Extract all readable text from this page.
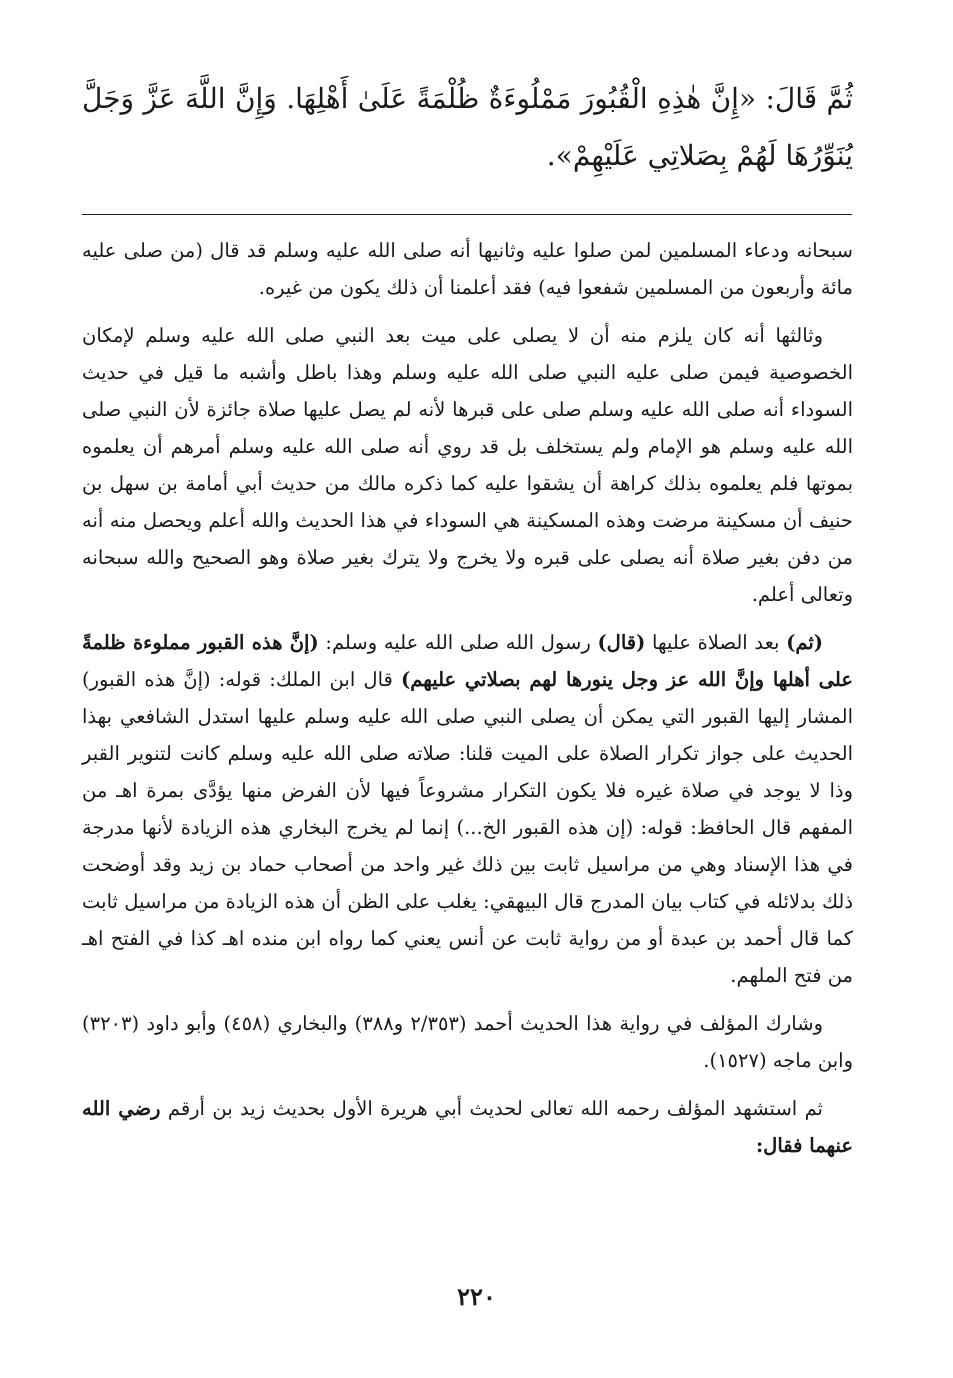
ثُمَّ قَالَ: «إِنَّ هٰذِهِ الْقُبُورَ مَمْلُوءَةٌ ظُلْمَةً عَلَىٰ أَهْلِهَا. وَإِنَّ اللَّهَ عَزَّ وَجَلَّ يُنَوِّرُهَا لَهُمْ بِصَلاتِي عَلَيْهِمْ».

سبحانه ودعاء المسلمين لمن صلوا عليه وثانيها أنه صلى الله عليه وسلم قد قال (من صلى عليه مائة وأربعون من المسلمين شفعوا فيه) فقد أعلمنا أن ذلك يكون من غيره.

وثالثها أنه كان يلزم منه أن لا يصلى على ميت بعد النبي صلى الله عليه وسلم لإمكان الخصوصية فيمن صلى عليه النبي صلى الله عليه وسلم وهذا باطل وأشبه ما قيل في حديث السوداء أنه صلى الله عليه وسلم صلى على قبرها لأنه لم يصل عليها صلاة جائزة لأن النبي صلى الله عليه وسلم هو الإمام ولم يستخلف بل قد روي أنه صلى الله عليه وسلم أمرهم أن يعلموه بموتها فلم يعلموه بذلك كراهة أن يشقوا عليه كما ذكره مالك من حديث أبي أمامة بن سهل بن حنيف أن مسكينة مرضت وهذه المسكينة هي السوداء في هذا الحديث والله أعلم ويحصل منه أنه من دفن بغير صلاة أنه يصلى على قبره ولا يخرج ولا يترك بغير صلاة وهو الصحيح والله سبحانه وتعالى أعلم.

(ثم) بعد الصلاة عليها (قال) رسول الله صلى الله عليه وسلم: (إنَّ هذه القبور مملوءة ظلمةً على أهلها وإنَّ الله عز وجل ينورها لهم بصلاتي عليهم) قال ابن الملك: قوله: (إنَّ هذه القبور) المشار إليها القبور التي يمكن أن يصلى النبي صلى الله عليه وسلم عليها استدل الشافعي بهذا الحديث على جواز تكرار الصلاة على الميت قلنا: صلاته صلى الله عليه وسلم كانت لتنوير القبر وذا لا يوجد في صلاة غيره فلا يكون التكرار مشروعاً فيها لأن الفرض منها يؤدَّى بمرة اهـ من المفهم قال الحافظ: قوله: (إن هذه القبور الخ...) إنما لم يخرج البخاري هذه الزيادة لأنها مدرجة في هذا الإسناد وهي من مراسيل ثابت بين ذلك غير واحد من أصحاب حماد بن زيد وقد أوضحت ذلك بدلائله في كتاب بيان المدرج قال البيهقي: يغلب على الظن أن هذه الزيادة من مراسيل ثابت كما قال أحمد بن عبدة أو من رواية ثابت عن أنس يعني كما رواه ابن منده اهـ كذا في الفتح اهـ من فتح الملهم.

وشارك المؤلف في رواية هذا الحديث أحمد (٢/٣٥٣ و٣٨٨) والبخاري (٤٥٨) وأبو داود (٣٢٠٣) وابن ماجه (١٥٢٧).

ثم استشهد المؤلف رحمه الله تعالى لحديث أبي هريرة الأول بحديث زيد بن أرقم رضي الله عنهما فقال:

٢٢٠
